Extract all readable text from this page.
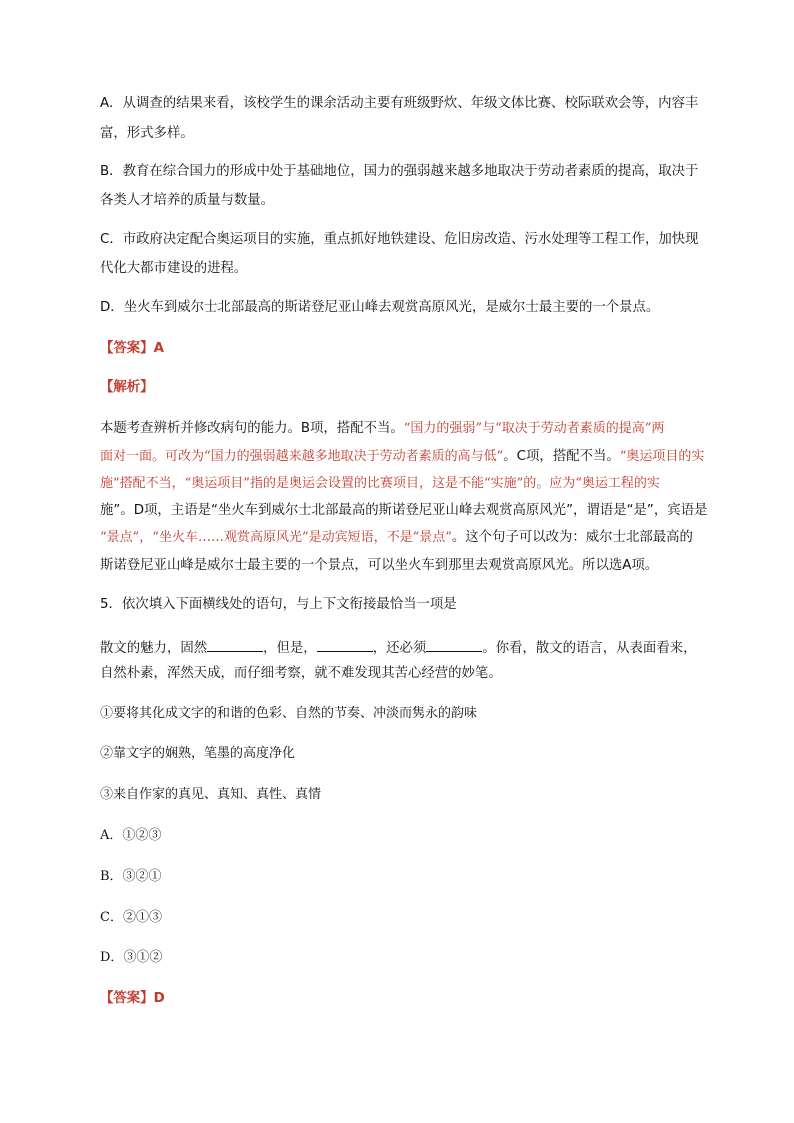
A．从调查的结果来看，该校学生的课余活动主要有班级野炊、年级文体比赛、校际联欢会等，内容丰
富，形式多样。
B．教育在综合国力的形成中处于基础地位，国力的强弱越来越多地取决于劳动者素质的提高，取决于
各类人才培养的质量与数量。
C．市政府决定配合奥运项目的实施，重点抓好地铁建设、危旧房改造、污水处理等工程工作，加快现
代化大都市建设的进程。
D．坐火车到威尔士北部最高的斯诺登尼亚山峰去观赏高原风光，是威尔士最主要的一个景点。
【答案】A
【解析】
本题考查辨析并修改病句的能力。B项，搭配不当。“国力的强弱”与“取决于劳动者素质的提高”两
面对一面。可改为“国力的强弱越来越多地取决于劳动者素质的高与低”。C项，搭配不当。“奥运项目的实
施”搭配不当，“奥运项目”指的是奥运会设置的比赛项目，这是不能“实施”的。应为“奥运工程的实
施”。D项，主语是“坐火车到威尔士北部最高的斯诺登尼亚山峰去观赏高原风光”，谓语是“是”，宾语是
“景点”，“坐火车……观赏高原风光”是动宾短语，不是“景点”。这个句子可以改为：威尔士北部最高的
斯诺登尼亚山峰是威尔士最主要的一个景点，可以坐火车到那里去观赏高原风光。所以选A项。
5．依次填入下面横线处的语句，与上下文衔接最恰当一项是
散文的魅力，固然	，但是，	，还必须	。你看，散文的语言，从表面看来，
自然朴素，浑然天成，而仔细考察，就不难发现其苦心经营的妙笔。
①要将其化成文字的和谐的色彩、自然的节奏、冲淡而隽永的韵味
②靠文字的娴熟，笔墨的高度净化
③来自作家的真见、真知、真性、真情
A．①②③
B．③②①
C．②①③
D．③①②
【答案】D
